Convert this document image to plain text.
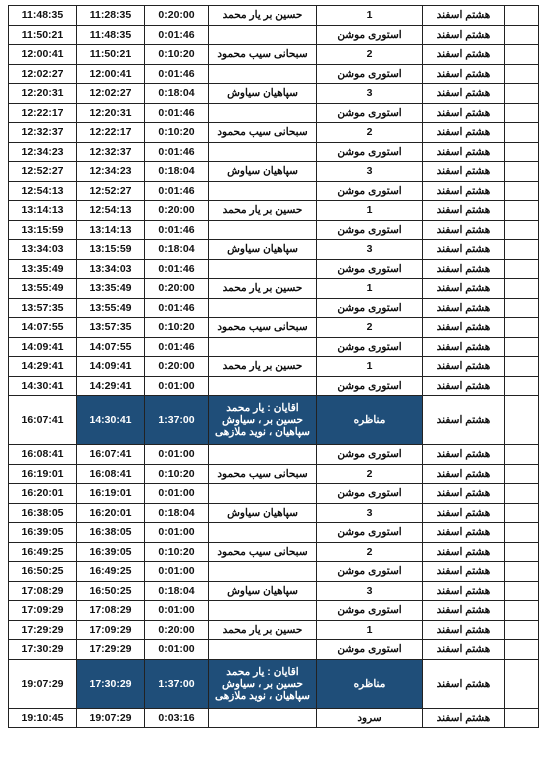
11:48:35	11:28:35	0:20:00	حسین بر یار محمد	1	هشتم اسفند	
11:50:21	11:48:35	0:01:46		استوری موشن	هشتم اسفند	
12:00:41	11:50:21	0:10:20	سبحانی سیب محمود	2	هشتم اسفند	
12:02:27	12:00:41	0:01:46		استوری موشن	هشتم اسفند	
12:20:31	12:02:27	0:18:04	سپاهیان سیاوش	3	هشتم اسفند	
12:22:17	12:20:31	0:01:46		استوری موشن	هشتم اسفند	
12:32:37	12:22:17	0:10:20	سبحانی سیب محمود	2	هشتم اسفند	
12:34:23	12:32:37	0:01:46		استوری موشن	هشتم اسفند	
12:52:27	12:34:23	0:18:04	سپاهیان سیاوش	3	هشتم اسفند	
12:54:13	12:52:27	0:01:46		استوری موشن	هشتم اسفند	
13:14:13	12:54:13	0:20:00	حسین بر یار محمد	1	هشتم اسفند	
13:15:59	13:14:13	0:01:46		استوری موشن	هشتم اسفند	
13:34:03	13:15:59	0:18:04	سپاهیان سیاوش	3	هشتم اسفند	
13:35:49	13:34:03	0:01:46		استوری موشن	هشتم اسفند	
13:55:49	13:35:49	0:20:00	حسین بر یار محمد	1	هشتم اسفند	
13:57:35	13:55:49	0:01:46		استوری موشن	هشتم اسفند	
14:07:55	13:57:35	0:10:20	سبحانی سیب محمود	2	هشتم اسفند	
14:09:41	14:07:55	0:01:46		استوری موشن	هشتم اسفند	
14:29:41	14:09:41	0:20:00	حسین بر یار محمد	1	هشتم اسفند	
14:30:41	14:29:41	0:01:00		استوری موشن	هشتم اسفند	
16:07:41	14:30:41	1:37:00	اقایان : یار محمد
حسین بر ، سیاوش
سپاهیان ، نوید ملازهی	مناظره	هشتم اسفند	
16:08:41	16:07:41	0:01:00		استوری موشن	هشتم اسفند	
16:19:01	16:08:41	0:10:20	سبحانی سیب محمود	2	هشتم اسفند	
16:20:01	16:19:01	0:01:00		استوری موشن	هشتم اسفند	
16:38:05	16:20:01	0:18:04	سپاهیان سیاوش	3	هشتم اسفند	
16:39:05	16:38:05	0:01:00		استوری موشن	هشتم اسفند	
16:49:25	16:39:05	0:10:20	سبحانی سیب محمود	2	هشتم اسفند	
16:50:25	16:49:25	0:01:00		استوری موشن	هشتم اسفند	
17:08:29	16:50:25	0:18:04	سپاهیان سیاوش	3	هشتم اسفند	
17:09:29	17:08:29	0:01:00		استوری موشن	هشتم اسفند	
17:29:29	17:09:29	0:20:00	حسین بر یار محمد	1	هشتم اسفند	
17:30:29	17:29:29	0:01:00		استوری موشن	هشتم اسفند	
19:07:29	17:30:29	1:37:00	اقایان : یار محمد
حسین بر ، سیاوش
سپاهیان ، نوید ملازهی	مناظره	هشتم اسفند	
19:10:45	19:07:29	0:03:16		سرود	هشتم اسفند	
